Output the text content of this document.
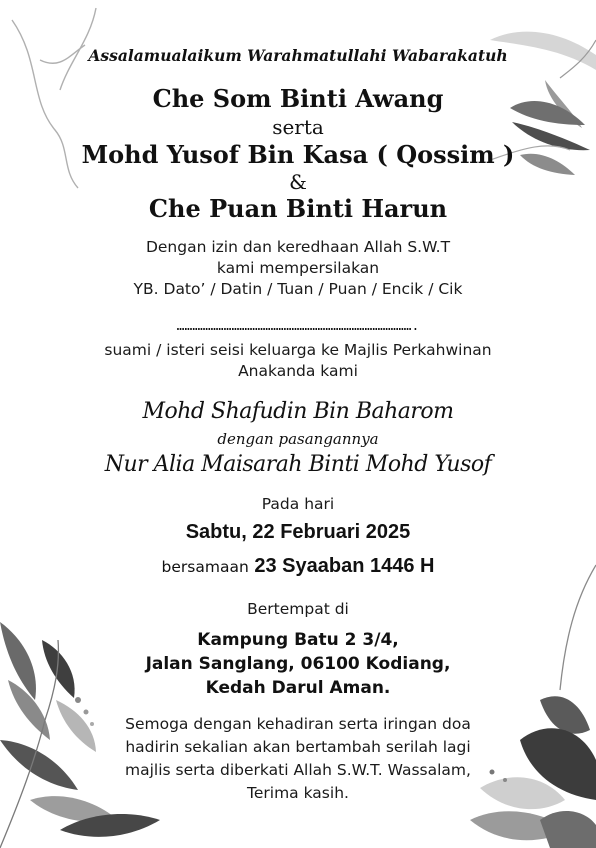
Assalamualaikum Warahmatullahi Wabarakatuh
Che Som Binti Awang
serta
Mohd Yusof Bin Kasa ( Qossim )
&
Che Puan Binti Harun
Dengan izin dan keredhaan Allah S.W.T
kami mempersilakan
YB. Dato’ / Datin / Tuan / Puan / Encik / Cik
……………………………………………………………………………….
suami / isteri seisi keluarga ke Majlis Perkahwinan
Anakanda kami
Mohd Shafudin Bin Baharom
dengan pasangannya
Nur Alia Maisarah Binti Mohd Yusof
Pada hari
Sabtu, 22 Februari 2025
bersamaan 23 Syaaban 1446 H
Bertempat di
Kampung Batu 2 3/4,
Jalan Sanglang, 06100 Kodiang,
Kedah Darul Aman.
Semoga dengan kehadiran serta iringan doa
hadirin sekalian akan bertambah serilah lagi
majlis serta diberkati Allah S.W.T. Wassalam,
Terima kasih.
